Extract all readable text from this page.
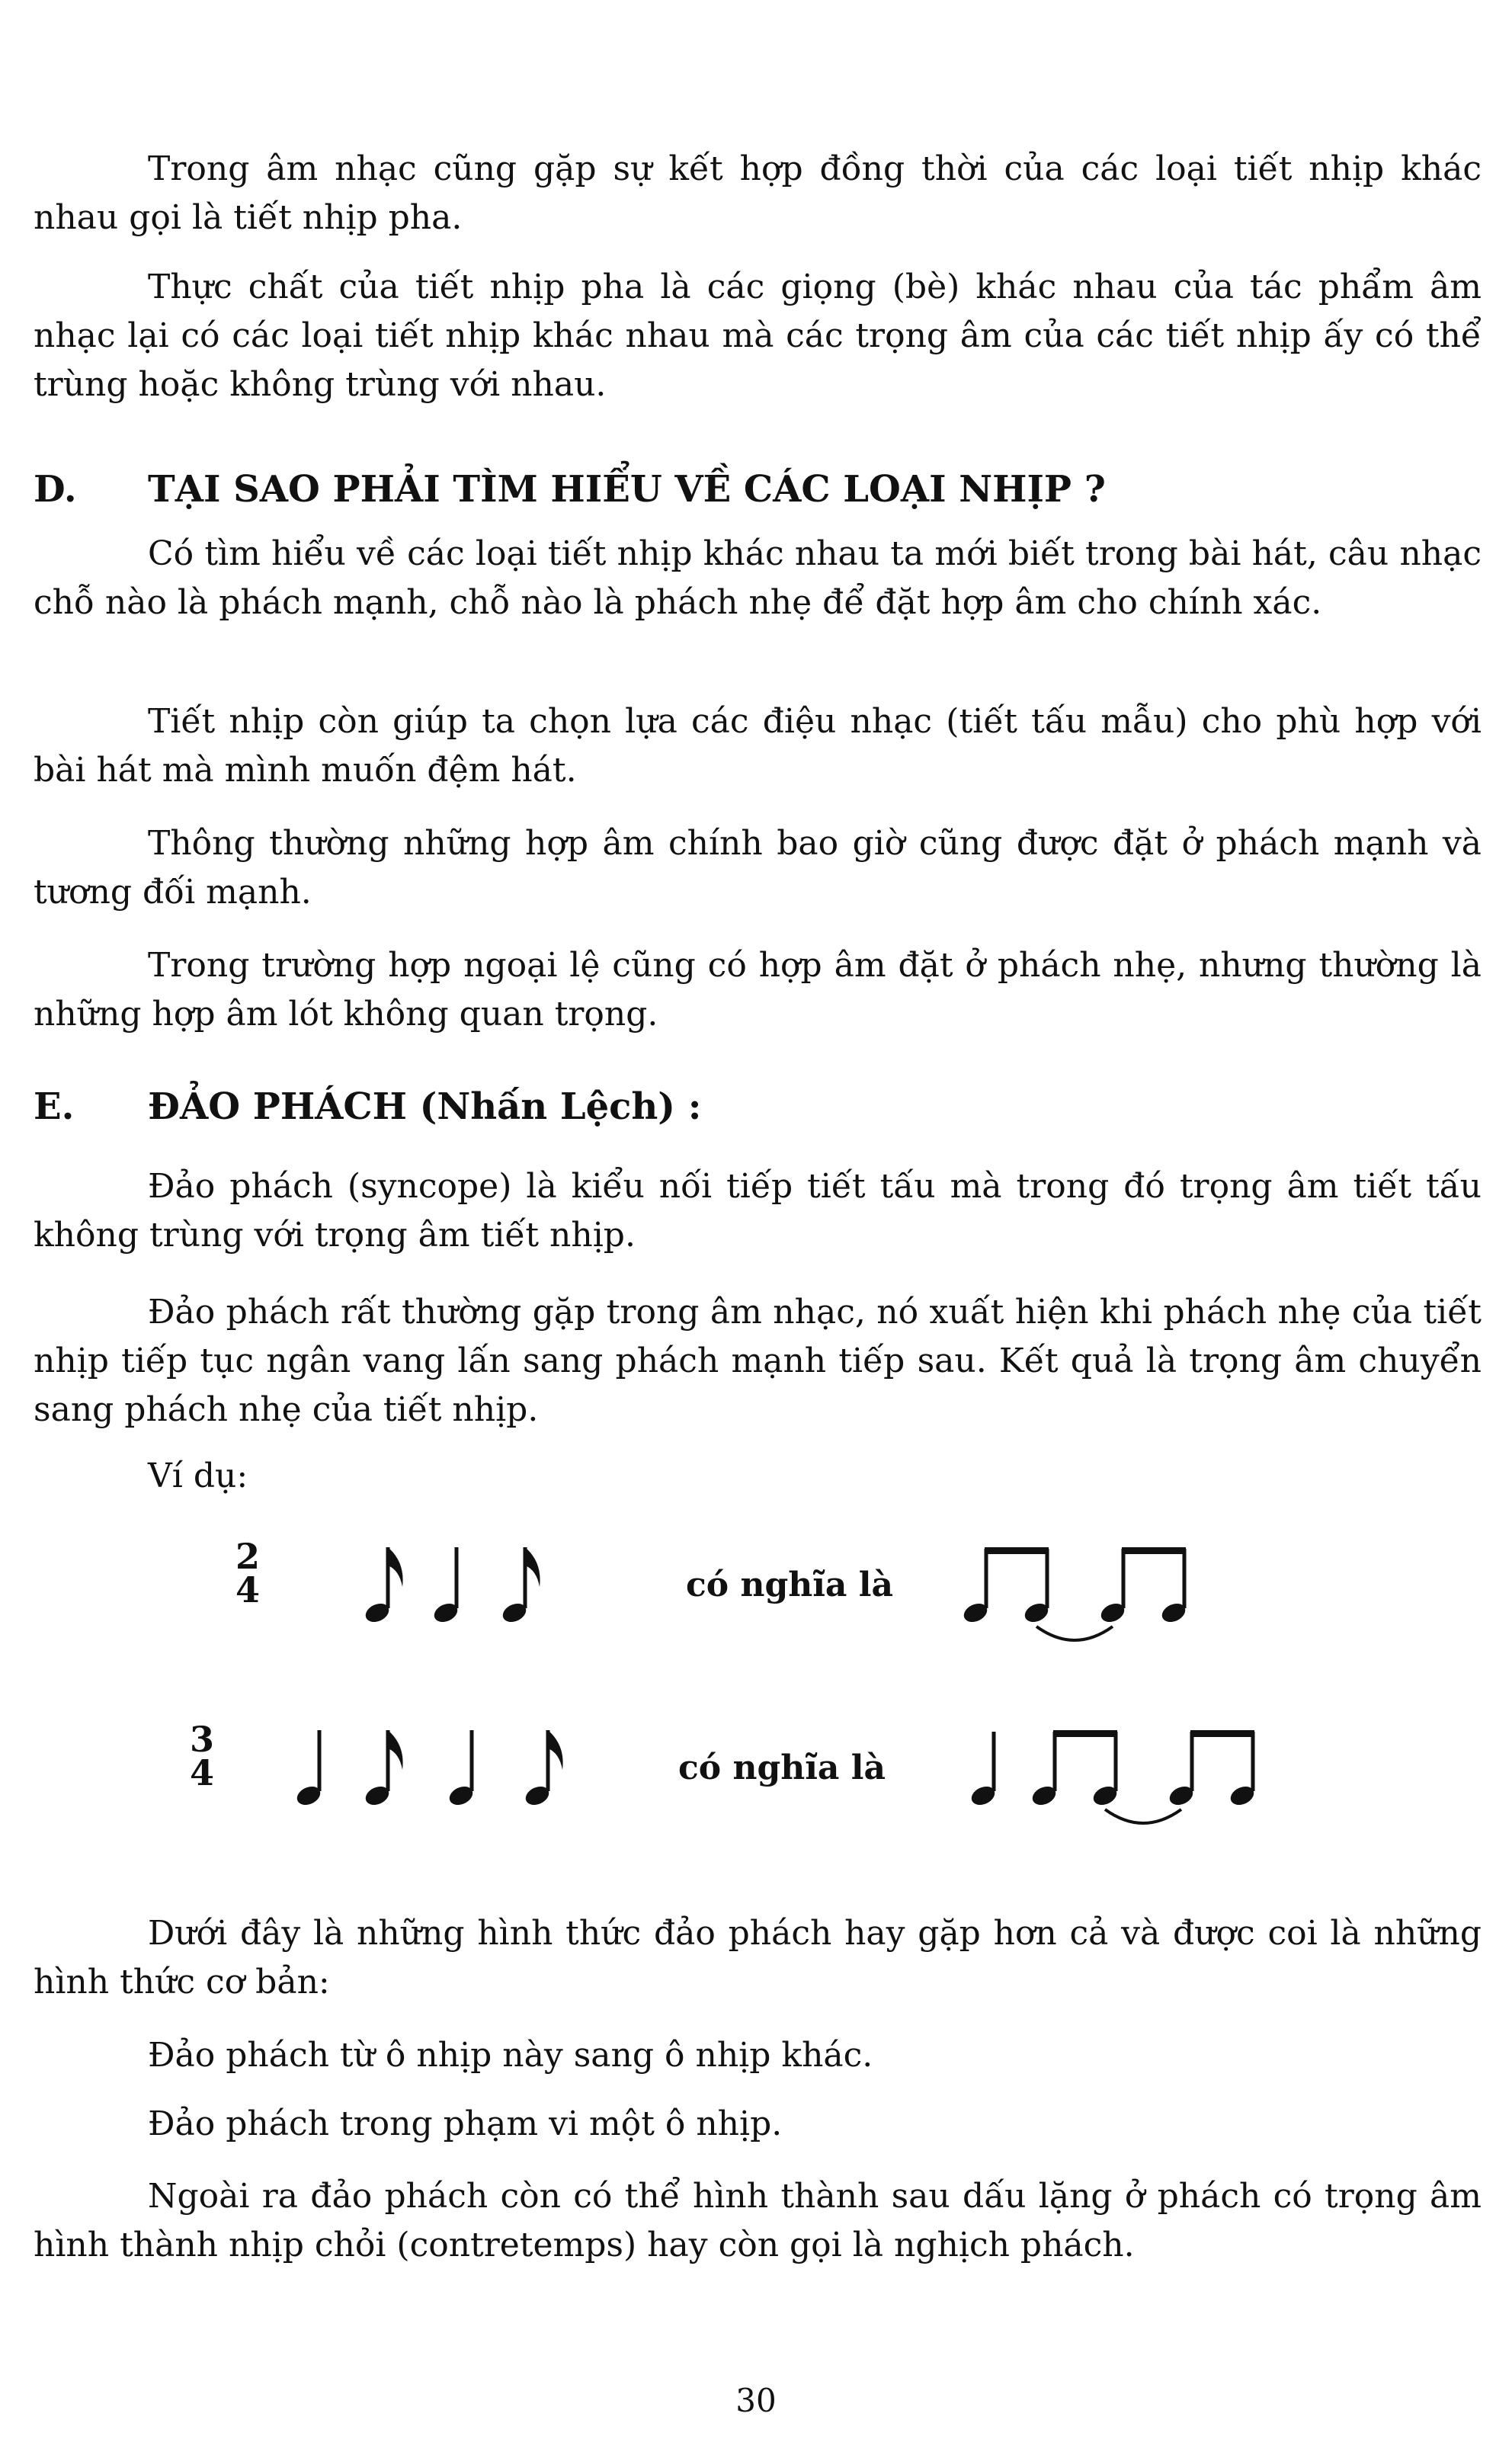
Trong âm nhạc cũng gặp sự kết hợp đồng thời của các loại tiết nhịp khác nhau gọi là tiết nhịp pha.

Thực chất của tiết nhịp pha là các giọng (bè) khác nhau của tác phẩm âm nhạc lại có các loại tiết nhịp khác nhau mà các trọng âm của các tiết nhịp ấy có thể trùng hoặc không trùng với nhau.

D. TẠI SAO PHẢI TÌM HIỂU VỀ CÁC LOẠI NHỊP ?

Có tìm hiểu về các loại tiết nhịp khác nhau ta mới biết trong bài hát, câu nhạc chỗ nào là phách mạnh, chỗ nào là phách nhẹ để đặt hợp âm cho chính xác.

Tiết nhịp còn giúp ta chọn lựa các điệu nhạc (tiết tấu mẫu) cho phù hợp với bài hát mà mình muốn đệm hát.

Thông thường những hợp âm chính bao giờ cũng được đặt ở phách mạnh và tương đối mạnh.

Trong trường hợp ngoại lệ cũng có hợp âm đặt ở phách nhẹ, nhưng thường là những hợp âm lót không quan trọng.

E. ĐẢO PHÁCH (Nhấn Lệch) :

Đảo phách (syncope) là kiểu nối tiếp tiết tấu mà trong đó trọng âm tiết tấu không trùng với trọng âm tiết nhịp.

Đảo phách rất thường gặp trong âm nhạc, nó xuất hiện khi phách nhẹ của tiết nhịp tiếp tục ngân vang lấn sang phách mạnh tiếp sau. Kết quả là trọng âm chuyển sang phách nhẹ của tiết nhịp.

Ví dụ:

2
4	có nghĩa là
3
4	có nghĩa là

Dưới đây là những hình thức đảo phách hay gặp hơn cả và được coi là những hình thức cơ bản:

Đảo phách từ ô nhịp này sang ô nhịp khác.

Đảo phách trong phạm vi một ô nhịp.

Ngoài ra đảo phách còn có thể hình thành sau dấu lặng ở phách có trọng âm hình thành nhịp chỏi (contretemps) hay còn gọi là nghịch phách.

30
